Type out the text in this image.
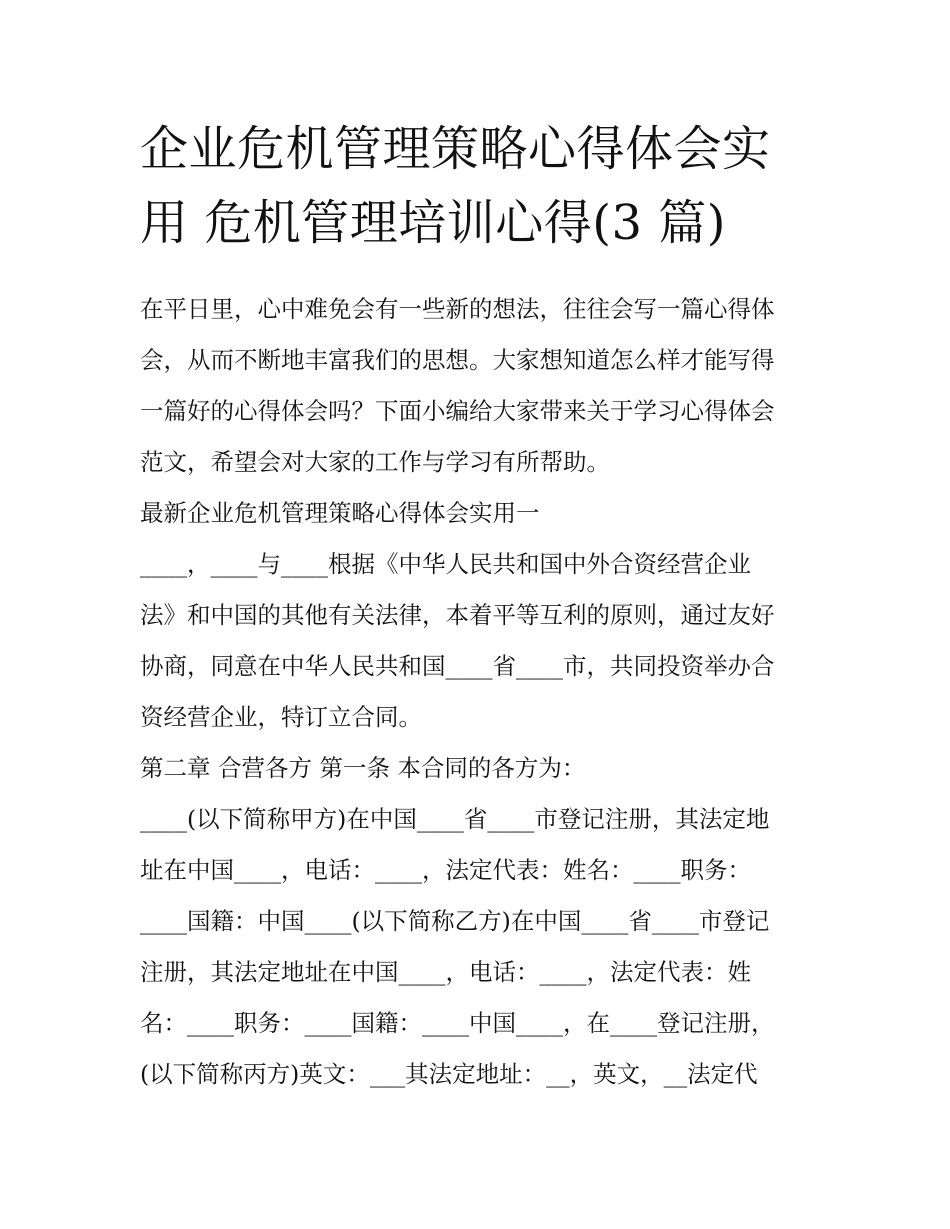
企业危机管理策略心得体会实
用 危机管理培训心得(3 篇)

在平日里，心中难免会有一些新的想法，往往会写一篇心得体
会，从而不断地丰富我们的思想。大家想知道怎么样才能写得
一篇好的心得体会吗？下面小编给大家带来关于学习心得体会
范文，希望会对大家的工作与学习有所帮助。

最新企业危机管理策略心得体会实用一

____，____与____根据《中华人民共和国中外合资经营企业
法》和中国的其他有关法律，本着平等互利的原则，通过友好
协商，同意在中华人民共和国____省____市，共同投资举办合
资经营企业，特订立合同。

第二章 合营各方 第一条 本合同的各方为：

____(以下简称甲方)在中国____省____市登记注册，其法定地
址在中国____，电话：____，法定代表：姓名：____职务：
____国籍：中国____(以下简称乙方)在中国____省____市登记
注册，其法定地址在中国____，电话：____，法定代表：姓
名：____职务：____国籍：____中国____，在____登记注册，
(以下简称丙方)英文：___其法定地址：__，英文，__法定代
